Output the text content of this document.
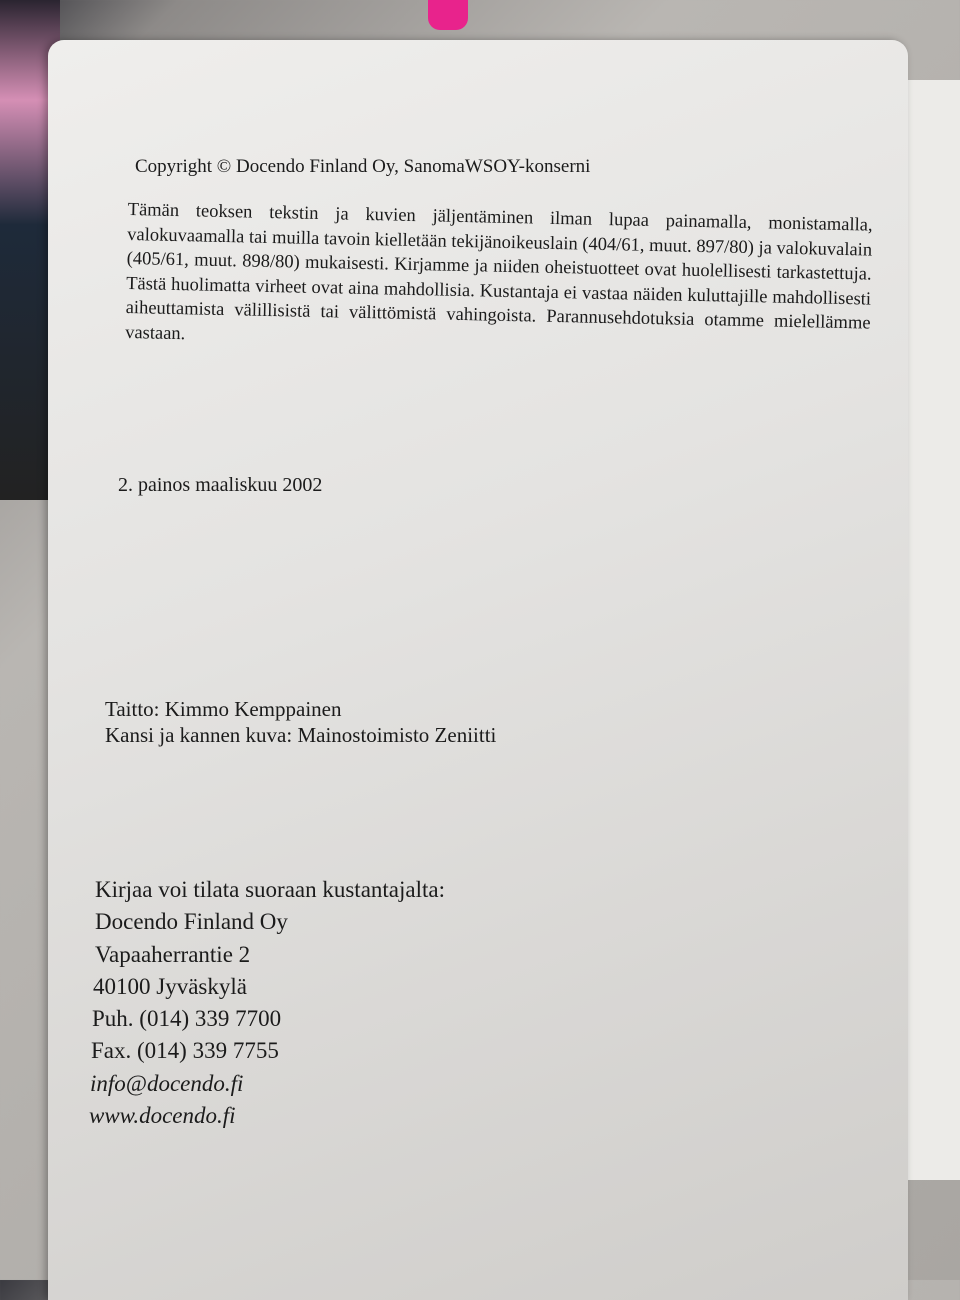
Copyright © Docendo Finland Oy, SanomaWSOY-konserni
Tämän teoksen tekstin ja kuvien jäljentäminen ilman lupaa painamalla, monistamalla, valokuvaamalla tai muilla tavoin kielletään tekijänoikeuslain (404/61, muut. 897/80) ja valokuvalain (405/61, muut. 898/80) mukaisesti. Kirjamme ja niiden oheistuotteet ovat huolellisesti tarkastettuja. Tästä huolimatta virheet ovat aina mahdollisia. Kustantaja ei vastaa näiden kuluttajille mahdollisesti aiheuttamista välillisistä tai välittömistä vahingoista. Parannusehdotuksia otamme mielellämme vastaan.
2. painos maaliskuu 2002
Taitto: Kimmo Kemppainen
Kansi ja kannen kuva: Mainostoimisto Zeniitti
Kirjaa voi tilata suoraan kustantajalta:
Docendo Finland Oy
Vapaaherrantie 2
40100 Jyväskylä
Puh. (014) 339 7700
Fax. (014) 339 7755
info@docendo.fi
www.docendo.fi
